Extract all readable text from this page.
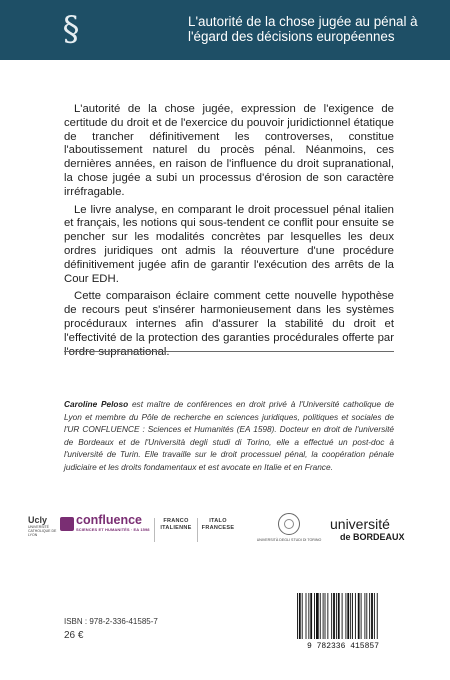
§	L'autorité de la chose jugée au pénal à l'égard des décisions européennes

L'autorité de la chose jugée, expression de l'exigence de certitude du droit et de l'exercice du pouvoir juridictionnel étatique de trancher définitivement les controverses, constitue l'aboutissement naturel du procès pénal. Néanmoins, ces dernières années, en raison de l'influence du droit supranational, la chose jugée a subi un processus d'érosion de son caractère irréfragable.

Le livre analyse, en comparant le droit processuel pénal italien et français, les notions qui sous-tendent ce conflit pour ensuite se pencher sur les modalités concrètes par lesquelles les deux ordres juridiques ont admis la réouverture d'une procédure définitivement jugée afin de garantir l'exécution des arrêts de la Cour EDH.

Cette comparaison éclaire comment cette nouvelle hypothèse de recours peut s'insérer harmonieusement dans les systèmes procéduraux internes afin d'assurer la stabilité du droit et l'effectivité de la protection des garanties procédurales offerte par l'ordre supranational.

Caroline Peloso est maître de conférences en droit privé à l'Université catholique de Lyon et membre du Pôle de recherche en sciences juridiques, politiques et sociales de l'UR CONFLUENCE : Sciences et Humanités (EA 1598). Docteur en droit de l'université de Bordeaux et de l'Università degli studi di Torino, elle a effectué un post-doc à l'université de Turin. Elle travaille sur le droit processuel pénal, la coopération pénale judiciaire et les droits fondamentaux et est avocate en Italie et en France.

Ucly
UNIVERSITÉ CATHOLIQUE DE LYON
confluence
SCIENCES ET HUMANITÉS · EA 1598
FRANCO
ITALIENNE
ITALO
FRANCESE
UNIVERSITÀ DEGLI STUDI DI TORINO
université
de BORDEAUX
ISBN : 978-2-336-41585-7
26 €
9 782336 415857
